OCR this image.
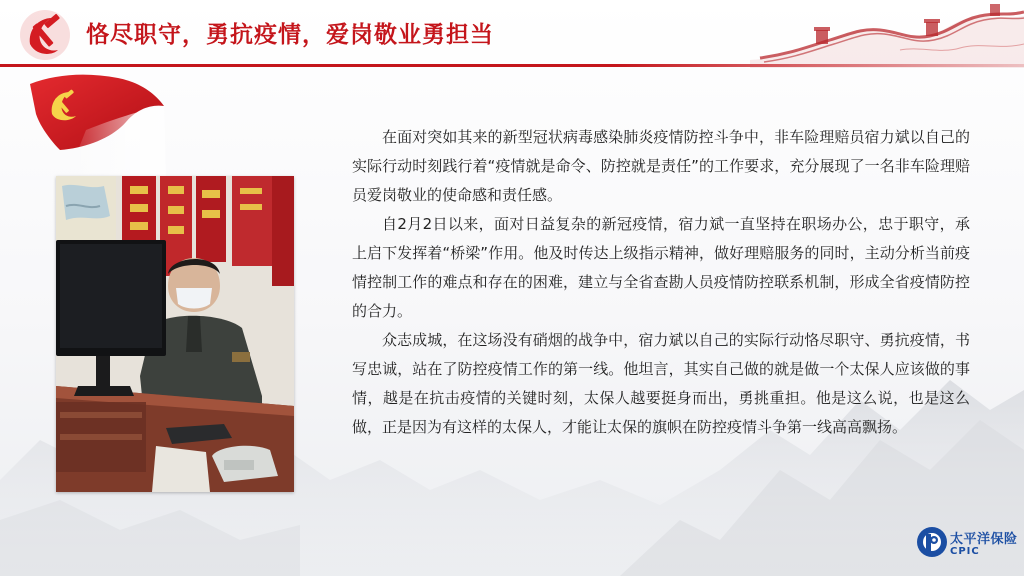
恪尽职守，勇抗疫情，爱岗敬业勇担当

在面对突如其来的新型冠状病毒感染肺炎疫情防控斗争中，非车险理赔员宿力斌以自己的实际行动时刻践行着“疫情就是命令、防控就是责任”的工作要求，充分展现了一名非车险理赔员爱岗敬业的使命感和责任感。

自2月2日以来，面对日益复杂的新冠疫情，宿力斌一直坚持在职场办公，忠于职守，承上启下发挥着“桥梁”作用。他及时传达上级指示精神，做好理赔服务的同时，主动分析当前疫情控制工作的难点和存在的困难，建立与全省查勘人员疫情防控联系机制，形成全省疫情防控的合力。

众志成城，在这场没有硝烟的战争中，宿力斌以自己的实际行动恪尽职守、勇抗疫情，书写忠诚，站在了防控疫情工作的第一线。他坦言，其实自己做的就是做一个太保人应该做的事情，越是在抗击疫情的关键时刻，太保人越要挺身而出，勇挑重担。他是这么说，也是这么做，正是因为有这样的太保人，才能让太保的旗帜在防控疫情斗争第一线高高飘扬。

太平洋保险
CPIC
